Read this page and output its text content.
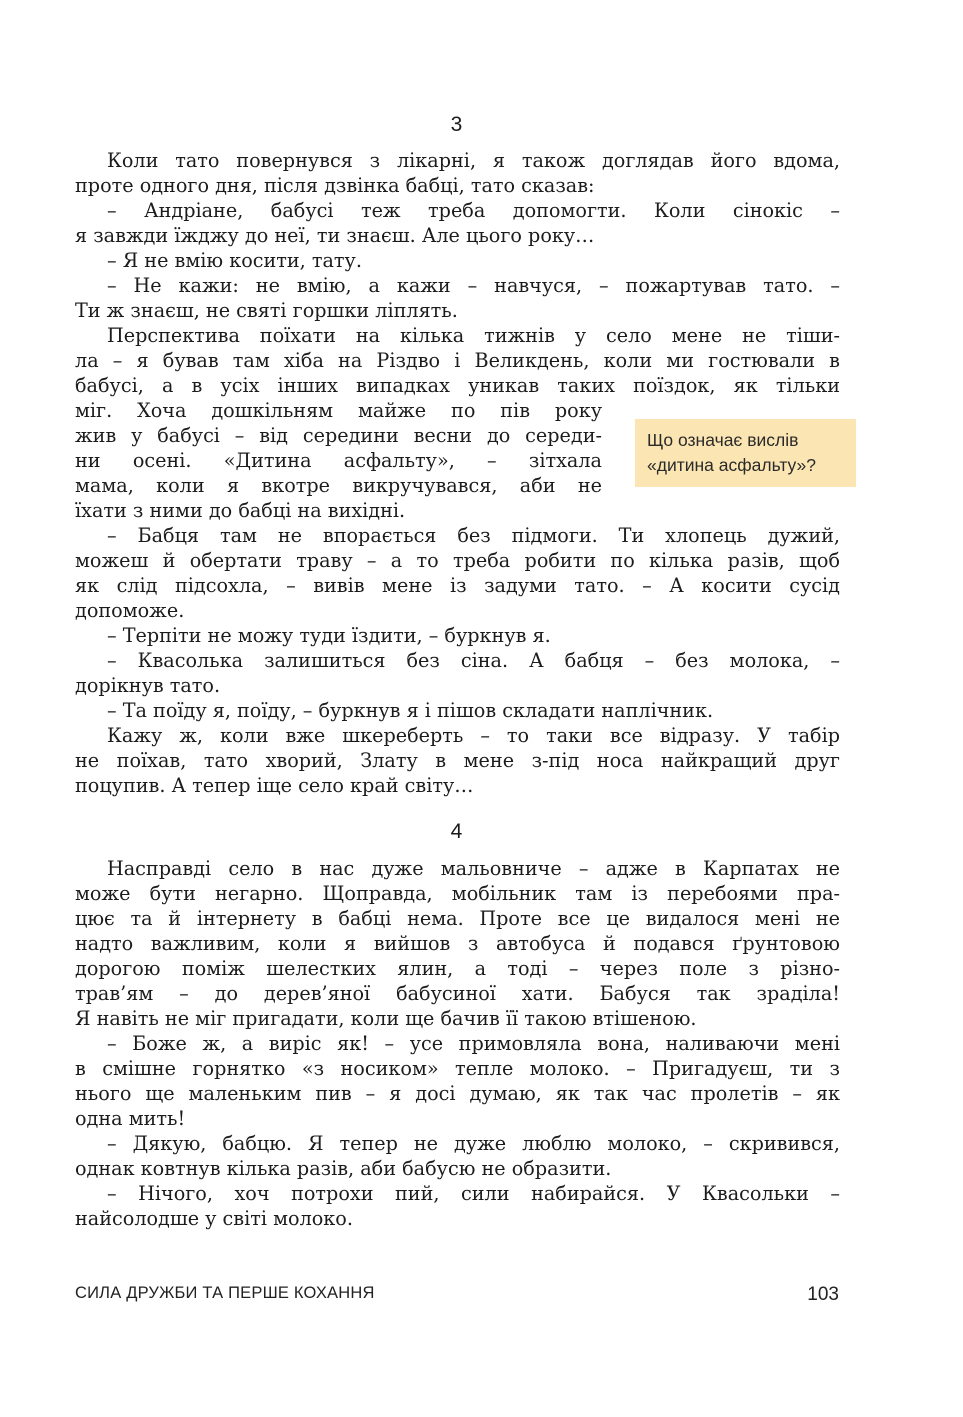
3
Коли тато повернувся з лікарні, я також доглядав його вдома,
проте одного дня, після дзвінка бабці, тато сказав:
– Андріане, бабусі теж треба допомогти. Коли сінокіс –
я завжди їжджу до неї, ти знаєш. Але цього року…
– Я не вмію косити, тату.
– Не кажи: не вмію, а кажи – навчуся, – пожартував тато. –
Ти ж знаєш, не святі горшки ліплять.
Перспектива поїхати на кілька тижнів у село мене не тіши-
ла – я бував там хіба на Різдво і Великдень, коли ми гостювали в
бабусі, а в усіх інших випадках уникав таких поїздок, як тільки
міг. Хоча дошкільням майже по пів року
жив у бабусі – від середини весни до середи-
ни осені. «Дитина асфальту», – зітхала
мама, коли я вкотре викручувався, аби не
їхати з ними до бабці на вихідні.
Що означає вислів
«дитина асфальту»?
– Бабця там не впорається без підмоги. Ти хлопець дужий,
можеш й обертати траву – а то треба робити по кілька разів, щоб
як слід підсохла, – вивів мене із задуми тато. – А косити сусід
допоможе.
– Терпіти не можу туди їздити, – буркнув я.
– Квасолька залишиться без сіна. А бабця – без молока, –
дорікнув тато.
– Та поїду я, поїду, – буркнув я і пішов складати наплічник.
Кажу ж, коли вже шкереберть – то таки все відразу. У табір
не поїхав, тато хворий, Злату в мене з-під носа найкращий друг
поцупив. А тепер іще село край світу…
4
Насправді село в нас дуже мальовниче – адже в Карпатах не
може бути негарно. Щоправда, мобільник там із перебоями пра-
цює та й інтернету в бабці нема. Проте все це видалося мені не
надто важливим, коли я вийшов з автобуса й подався ґрунтовою
дорогою поміж шелестких ялин, а тоді – через поле з різно-
трав’ям – до дерев’яної бабусиної хати. Бабуся так зраділа!
Я навіть не міг пригадати, коли ще бачив її такою втішеною.
– Боже ж, а виріс як! – усе примовляла вона, наливаючи мені
в смішне горнятко «з носиком» тепле молоко. – Пригадуєш, ти з
нього ще маленьким пив – я досі думаю, як так час пролетів – як
одна мить!
– Дякую, бабцю. Я тепер не дуже люблю молоко, – скривився,
однак ковтнув кілька разів, аби бабусю не образити.
– Нічого, хоч потрохи пий, сили набирайся. У Квасольки –
найсолодше у світі молоко.
СИЛА ДРУЖБИ ТА ПЕРШЕ КОХАННЯ	103
